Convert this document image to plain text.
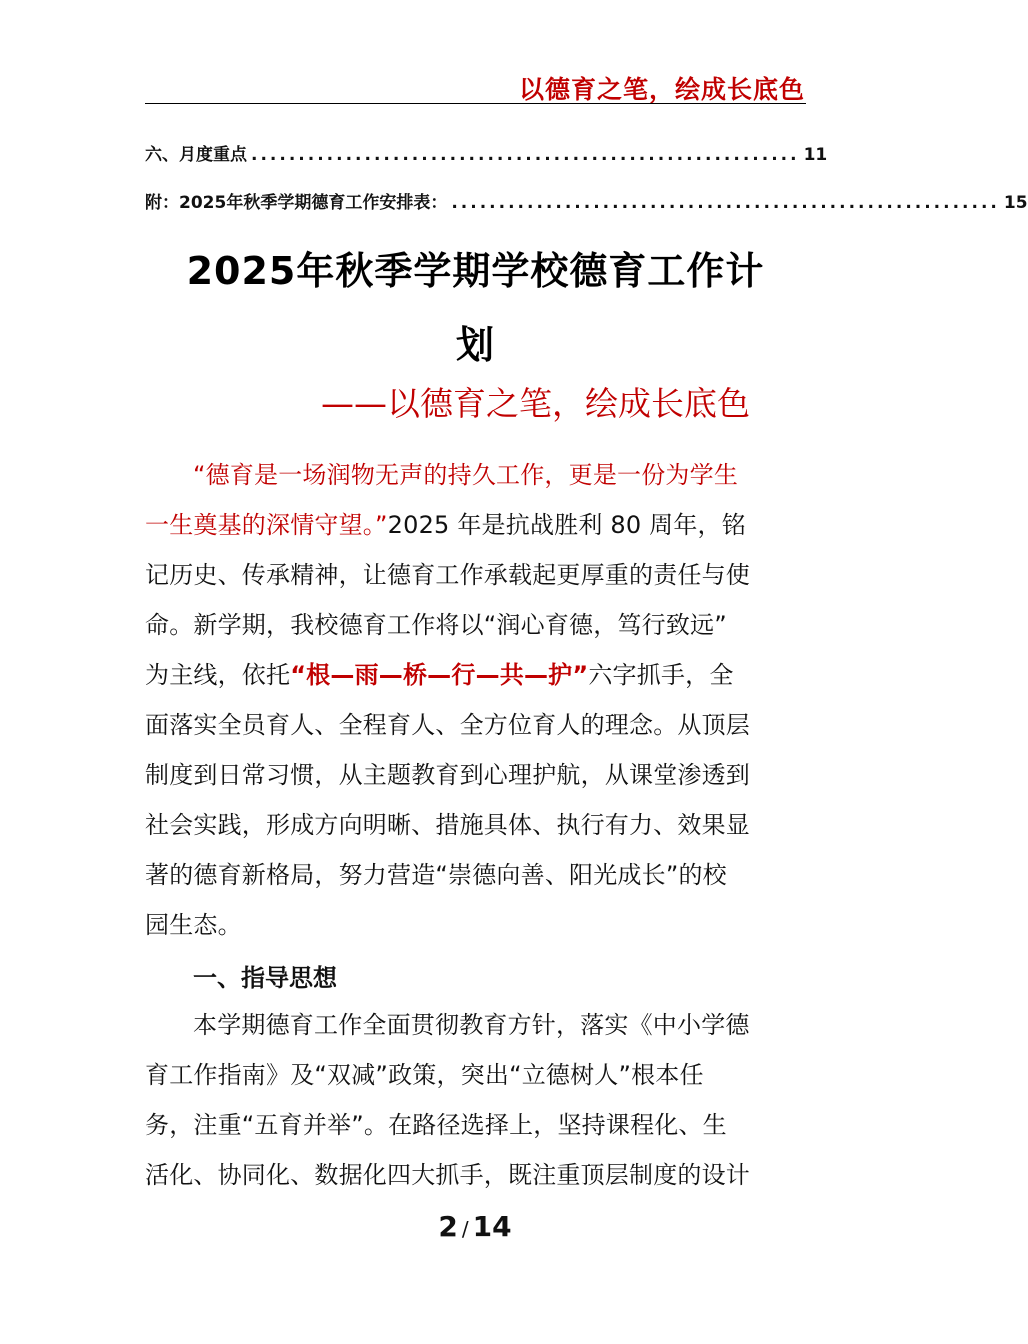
以德育之笔，绘成长底色
六、月度重点 .......................................................... 11
附：2025年秋季学期德育工作安排表： .......................................................... 15
2025年秋季学期学校德育工作计
划
——以德育之笔，绘成长底色
“德育是一场润物无声的持久工作，更是一份为学生
一生奠基的深情守望。”2025 年是抗战胜利 80 周年，铭
记历史、传承精神，让德育工作承载起更厚重的责任与使
命。新学期，我校德育工作将以“润心育德，笃行致远”
为主线，依托“根—雨—桥—行—共—护”六字抓手，全
面落实全员育人、全程育人、全方位育人的理念。从顶层
制度到日常习惯，从主题教育到心理护航，从课堂渗透到
社会实践，形成方向明晰、措施具体、执行有力、效果显
著的德育新格局，努力营造“崇德向善、阳光成长”的校
园生态。
一、指导思想
本学期德育工作全面贯彻教育方针，落实《中小学德
育工作指南》及“双减”政策，突出“立德树人”根本任
务，注重“五育并举”。在路径选择上，坚持课程化、生
活化、协同化、数据化四大抓手，既注重顶层制度的设计
2 / 14
